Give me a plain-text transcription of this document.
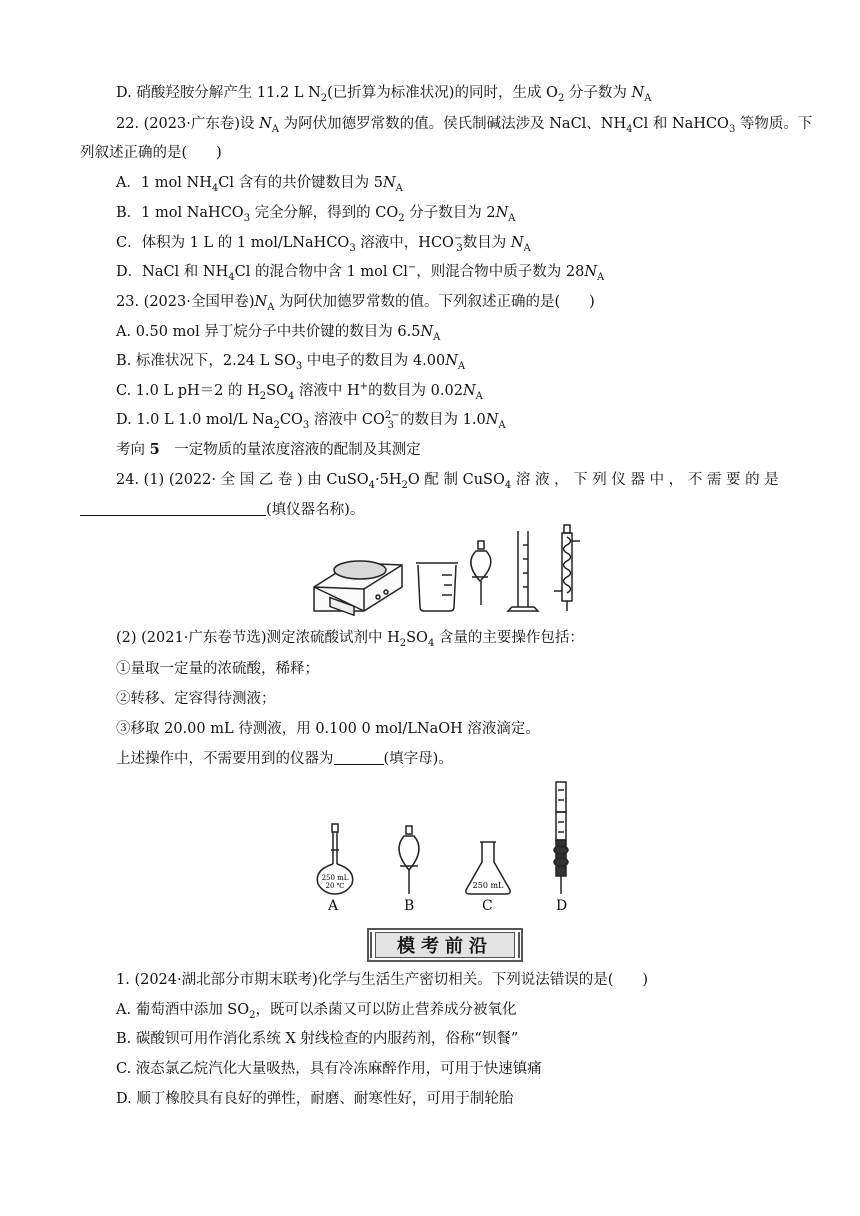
D. 硝酸羟胺分解产生 11.2 L $N_2$(已折算为标准状况)的同时，生成 $O_2$ 分子数为 $N_A$
22. (2023·广东卷)设 $N_A$ 为阿伏加德罗常数的值。侯氏制碱法涉及 NaCl、$NH_4Cl$ 和 NaHCO$_3$ 等物质。下
列叙述正确的是(　　)
A．1 mol $NH_4Cl$ 含有的共价键数目为 $5N_A$
B．1 mol NaHCO$_3$ 完全分解，得到的 $CO_2$ 分子数目为 $2N_A$
C．体积为 1 L 的 1 mol/LNaHCO$_3$ 溶液中，$HCO^-_3$数目为 $N_A$
D．NaCl 和 $NH_4Cl$ 的混合物中含 1 mol Cl−，则混合物中质子数为 $28N_A$
23. (2023·全国甲卷)$N_A$ 为阿伏加德罗常数的值。下列叙述正确的是(　　)
A. 0.50 mol 异丁烷分子中共价键的数目为 $6.5N_A$
B. 标准状况下，2.24 L $SO_3$ 中电子的数目为 $4.00N_A$
C. 1.0 L pH＝2 的 $H_2SO_4$ 溶液中 H+的数目为 $0.02N_A$
D. 1.0 L 1.0 mol/L $Na_2CO_3$ 溶液中 $CO^{2-}_3$ 的数目为 $1.0N_A$
考向 5　一定物质的量浓度溶液的配制及其测定
24. (1) (2022· 全 国 乙 卷 ) 由 $CuSO_4\cdot 5H_2O$ 配 制 CuSO$_4$ 溶 液 ， 下 列 仪 器 中 ， 不 需 要 的 是
(填仪器名称)。
(2) (2021·广东卷节选)测定浓硫酸试剂中 $H_2SO_4$ 含量的主要操作包括：
①量取一定量的浓硫酸，稀释；
②转移、定容得待测液；
③移取 20.00 mL 待测液，用 0.100 0 mol/LNaOH 溶液滴定。
上述操作中，不需要用到的仪器为	(填字母)。
250 mL
20 ℃	250 mL
A	B	C	D
模考前沿
1. (2024·湖北部分市期末联考)化学与生活生产密切相关。下列说法错误的是(　　)
A. 葡萄酒中添加 $SO_2$，既可以杀菌又可以防止营养成分被氧化
B. 碳酸钡可用作消化系统 X 射线检查的内服药剂，俗称“钡餐”
C. 液态氯乙烷汽化大量吸热，具有冷冻麻醉作用，可用于快速镇痛
D. 顺丁橡胶具有良好的弹性，耐磨、耐寒性好，可用于制轮胎
